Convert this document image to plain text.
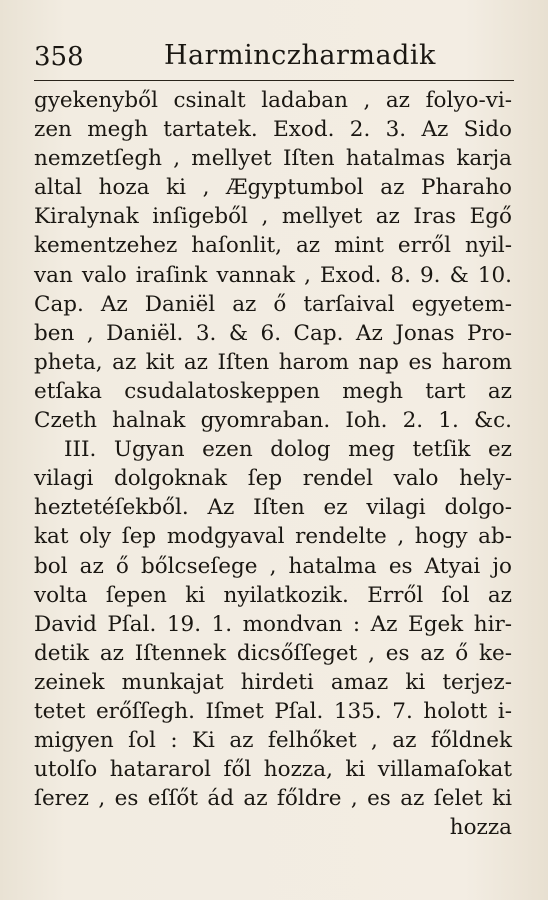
358	Harminczharmadik
gyekenyből csinalt ladaban , az folyo-vi-
zen megh tartatek. Exod. 2. 3. Az Sido
nemzetſegh , mellyet Iſten hatalmas karja
altal hoza ki , Ægyptumbol az Pharaho
Kiralynak inſigeből , mellyet az Iras Egő
kementzehez haſonlit, az mint erről nyil-
van valo iraſink vannak , Exod. 8. 9. & 10.
Cap. Az Daniël az ő tarſaival egyetem-
ben , Daniël. 3. & 6. Cap. Az Jonas Pro-
pheta, az kit az Iſten harom nap es harom
etſaka csudalatoskeppen megh tart az
Czeth halnak gyomraban. Ioh. 2. 1. &c.
III. Ugyan ezen dolog meg tetſik ez
vilagi dolgoknak ſep rendel valo hely-
heztetéſekből. Az Iſten ez vilagi dolgo-
kat oly ſep modgyaval rendelte , hogy ab-
bol az ő bőlcseſege , hatalma es Atyai jo
volta ſepen ki nyilatkozik. Erről ſol az
David Pſal. 19. 1. mondvan : Az Egek hir-
detik az Iſtennek dicsőſſeget , es az ő ke-
zeinek munkajat hirdeti amaz ki terjez-
tetet erőſſegh. Iſmet Pſal. 135. 7. holott i-
migyen ſol : Ki az felhőket , az főldnek
utolſo hatararol fől hozza, ki villamaſokat
ſerez , es eſſőt ád az főldre , es az ſelet ki
hozza
